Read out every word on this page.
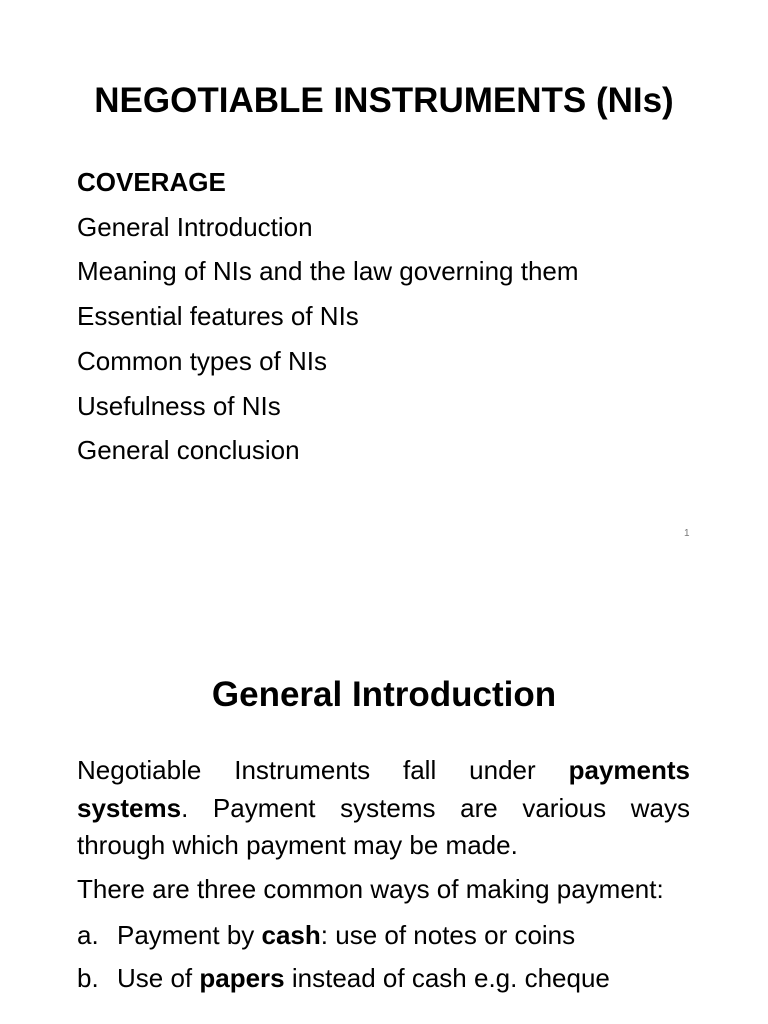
NEGOTIABLE INSTRUMENTS (NIs)
COVERAGE
General Introduction
Meaning of NIs and the law governing them
Essential features of NIs
Common types of NIs
Usefulness of NIs
General conclusion
1
General Introduction

Negotiable Instruments fall under payments systems. Payment systems are various ways through which payment may be made.

There are three common ways of making payment:

a. Payment by cash: use of notes or coins
b. Use of papers instead of cash e.g. cheque
